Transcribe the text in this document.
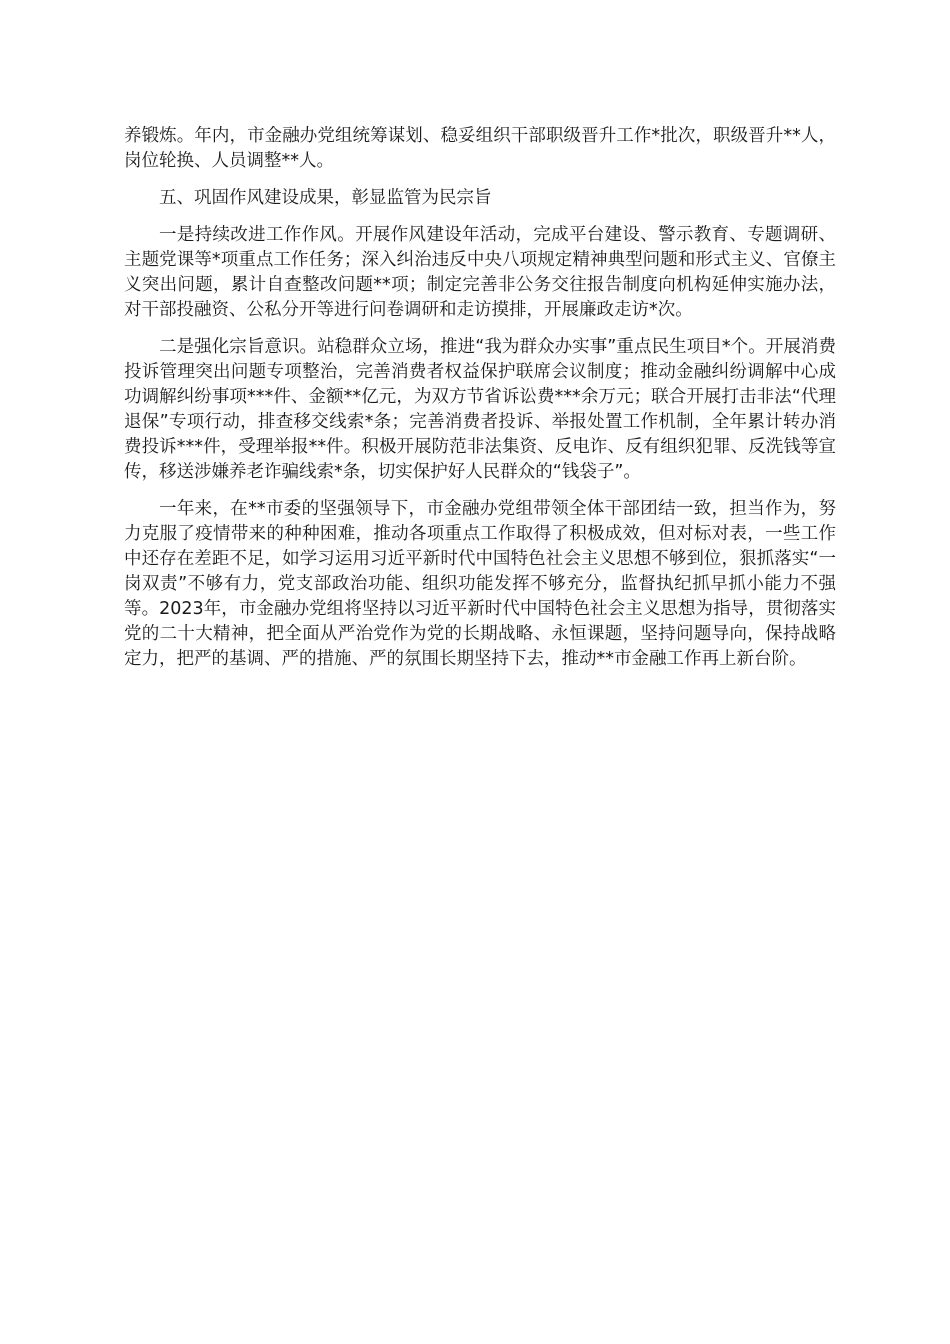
养锻炼。年内，市金融办党组统筹谋划、稳妥组织干部职级晋升工作*批次，职级晋升**人，岗位轮换、人员调整**人。

五、巩固作风建设成果，彰显监管为民宗旨

一是持续改进工作作风。开展作风建设年活动，完成平台建设、警示教育、专题调研、主题党课等*项重点工作任务；深入纠治违反中央八项规定精神典型问题和形式主义、官僚主义突出问题，累计自查整改问题**项；制定完善非公务交往报告制度向机构延伸实施办法，对干部投融资、公私分开等进行问卷调研和走访摸排，开展廉政走访*次。

二是强化宗旨意识。站稳群众立场，推进“我为群众办实事”重点民生项目*个。开展消费投诉管理突出问题专项整治，完善消费者权益保护联席会议制度；推动金融纠纷调解中心成功调解纠纷事项***件、金额**亿元，为双方节省诉讼费***余万元；联合开展打击非法“代理退保”专项行动，排查移交线索*条；完善消费者投诉、举报处置工作机制，全年累计转办消费投诉***件，受理举报**件。积极开展防范非法集资、反电诈、反有组织犯罪、反洗钱等宣传，移送涉嫌养老诈骗线索*条，切实保护好人民群众的“钱袋子”。

一年来，在**市委的坚强领导下，市金融办党组带领全体干部团结一致，担当作为，努力克服了疫情带来的种种困难，推动各项重点工作取得了积极成效，但对标对表，一些工作中还存在差距不足，如学习运用习近平新时代中国特色社会主义思想不够到位，狠抓落实“一岗双责”不够有力，党支部政治功能、组织功能发挥不够充分，监督执纪抓早抓小能力不强等。2023年，市金融办党组将坚持以习近平新时代中国特色社会主义思想为指导，贯彻落实党的二十大精神，把全面从严治党作为党的长期战略、永恒课题，坚持问题导向，保持战略定力，把严的基调、严的措施、严的氛围长期坚持下去，推动**市金融工作再上新台阶。
